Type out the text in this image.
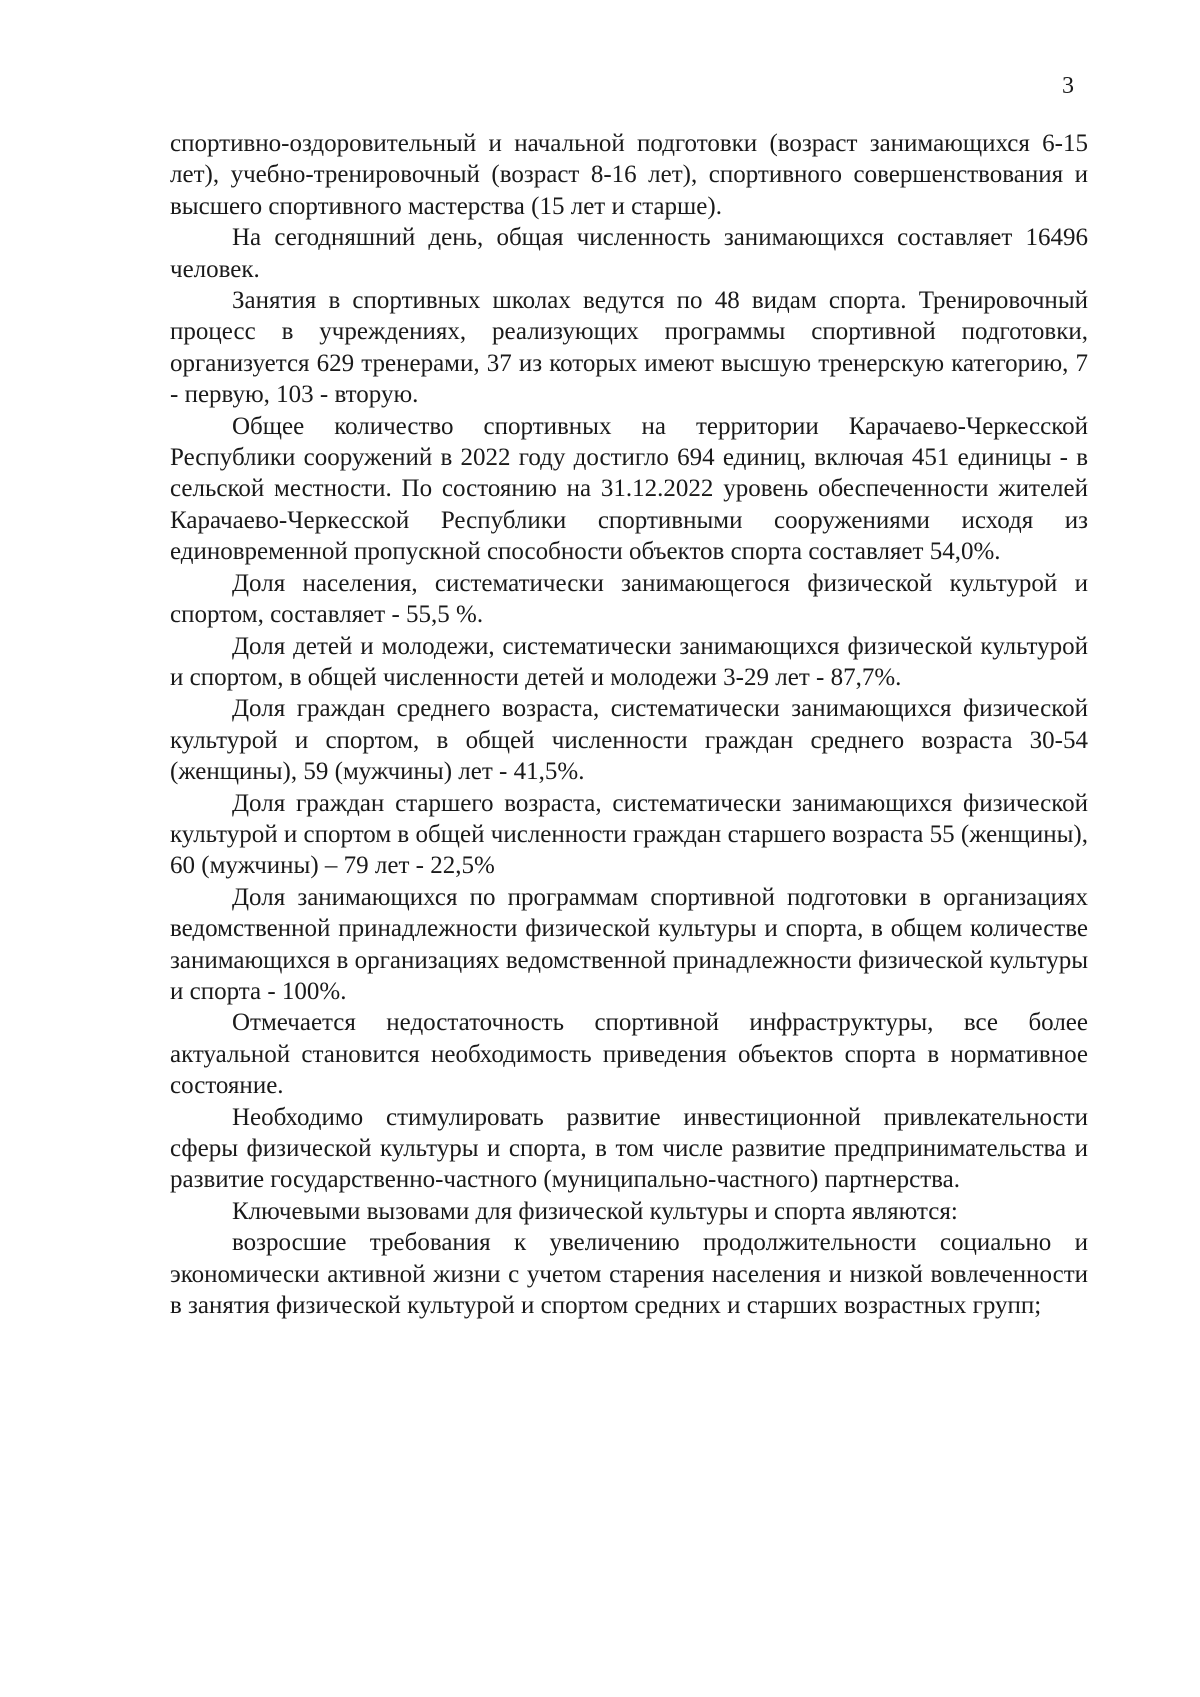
3

спортивно-оздоровительный и начальной подготовки (возраст занимающихся 6-15 лет), учебно-тренировочный (возраст 8-16 лет), спортивного совершенствования и высшего спортивного мастерства (15 лет и старше).

На сегодняшний день, общая численность занимающихся составляет 16496 человек.

Занятия в спортивных школах ведутся по 48 видам спорта. Тренировочный процесс в учреждениях, реализующих программы спортивной подготовки, организуется 629 тренерами, 37 из которых имеют высшую тренерскую категорию, 7 - первую, 103 - вторую.

Общее количество спортивных на территории Карачаево-Черкесской Республики сооружений в 2022 году достигло 694 единиц, включая 451 единицы - в сельской местности. По состоянию на 31.12.2022 уровень обеспеченности жителей Карачаево-Черкесской Республики спортивными сооружениями исходя из единовременной пропускной способности объектов спорта составляет 54,0%.

Доля населения, систематически занимающегося физической культурой и спортом, составляет - 55,5 %.

Доля детей и молодежи, систематически занимающихся физической культурой и спортом, в общей численности детей и молодежи 3-29 лет - 87,7%.

Доля граждан среднего возраста, систематически занимающихся физической культурой и спортом, в общей численности граждан среднего возраста 30-54 (женщины), 59 (мужчины) лет - 41,5%.

Доля граждан старшего возраста, систематически занимающихся физической культурой и спортом в общей численности граждан старшего возраста 55 (женщины), 60 (мужчины) – 79 лет - 22,5%

Доля занимающихся по программам спортивной подготовки в организациях ведомственной принадлежности физической культуры и спорта, в общем количестве занимающихся в организациях ведомственной принадлежности физической культуры и спорта - 100%.

Отмечается недостаточность спортивной инфраструктуры, все более актуальной становится необходимость приведения объектов спорта в нормативное состояние.

Необходимо стимулировать развитие инвестиционной привлекательности сферы физической культуры и спорта, в том числе развитие предпринимательства и развитие государственно-частного (муниципально-частного) партнерства.

Ключевыми вызовами для физической культуры и спорта являются:

возросшие требования к увеличению продолжительности социально и экономически активной жизни с учетом старения населения и низкой вовлеченности в занятия физической культурой и спортом средних и старших возрастных групп;
